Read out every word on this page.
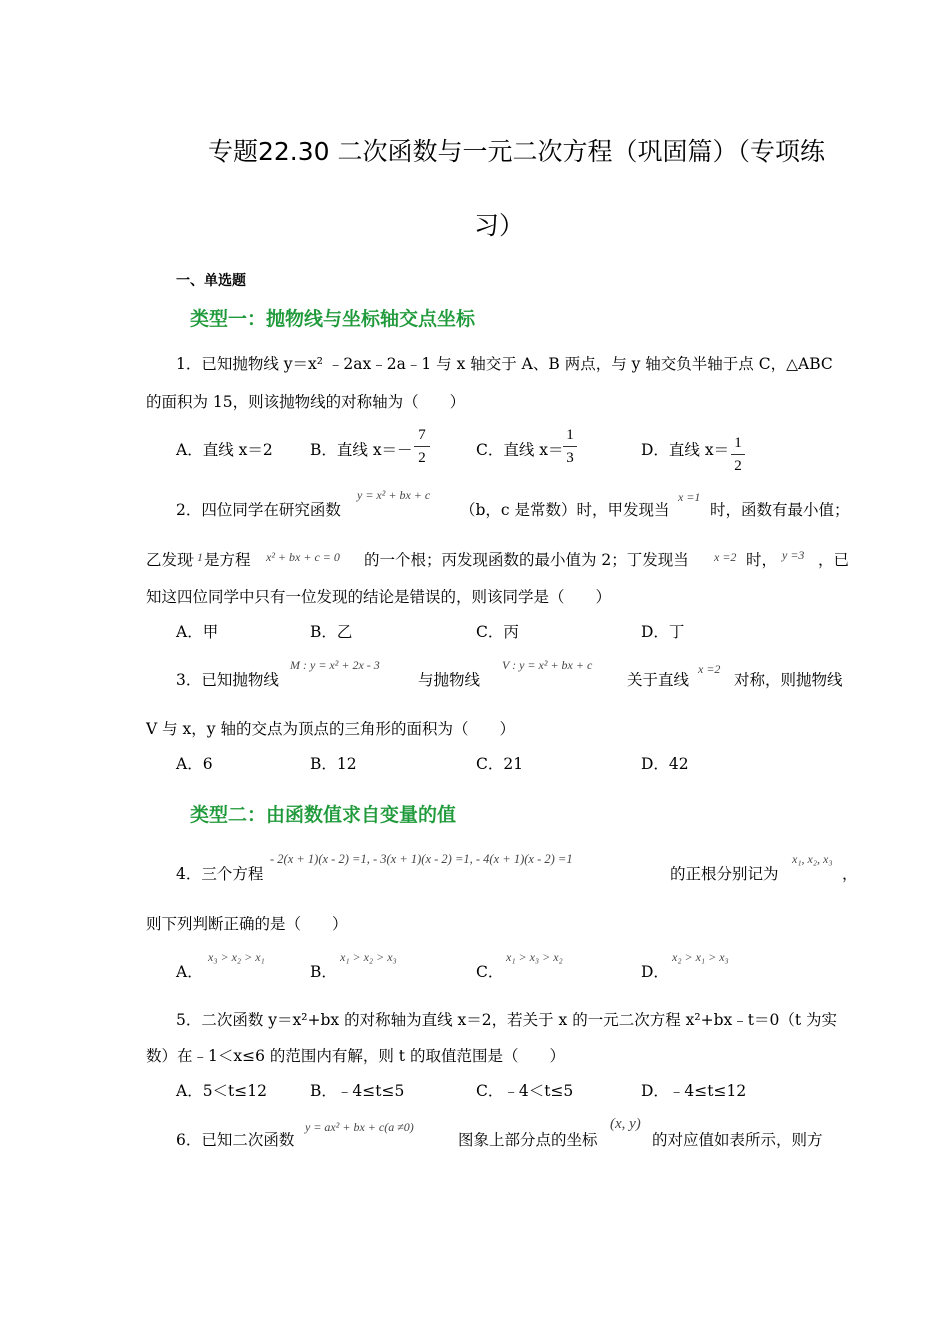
专题22.30 二次函数与一元二次方程（巩固篇）（专项练
习）
一、单选题
类型一：抛物线与坐标轴交点坐标
1．已知抛物线 y＝x² ﹣2ax﹣2a﹣1 与 x 轴交于 A、B 两点，与 y 轴交负半轴于点 C，△ABC
的面积为 15，则该抛物线的对称轴为（　　）
A．直线 x＝2 B．直线 x＝－
7
2	C．直线 x＝
1
3	D．直线 x＝ 1
2
2．四位同学在研究函数
y = x² + bx + c
（b，c 是常数）时，甲发现当
x =1
时，函数有最小值；
乙发现
- 1 是方程 x² + bx + c = 0 的一个根；丙发现函数的最小值为 2；丁发现当 x =2 时， y =3 ，已
知这四位同学中只有一位发现的结论是错误的，则该同学是（　　）
A．甲	B．乙	C．丙	D．丁
3．已知抛物线
M : y = x² + 2x - 3
与抛物线
V : y = x² + bx + c
关于直线
x =2
对称，则抛物线
V 与 x，y 轴的交点为顶点的三角形的面积为（　　）
A．6	B．12	C．21	D．42
类型二：由函数值求自变量的值
4．三个方程
- 2(x + 1)(x - 2) =1, - 3(x + 1)(x - 2) =1, - 4(x + 1)(x - 2) =1
的正根分别记为
x₁, x₂, x₃
，
则下列判断正确的是（　　）
A．
x₃ > x₂ > x₁
B．
x₁ > x₂ > x₃
C．
x₁ > x₃ > x₂
D．
x₂ > x₁ > x₃
5．二次函数 y＝x²+bx 的对称轴为直线 x＝2，若关于 x 的一元二次方程 x²+bx﹣t＝0（t 为实
数）在﹣1＜x≤6 的范围内有解，则 t 的取值范围是（　　）
A．5＜t≤12	B．﹣4≤t≤5	C．﹣4＜t≤5	D．﹣4≤t≤12
6．已知二次函数
y = ax² + bx + c(a ≠0)
图象上部分点的坐标
(x, y)
的对应值如表所示，则方
